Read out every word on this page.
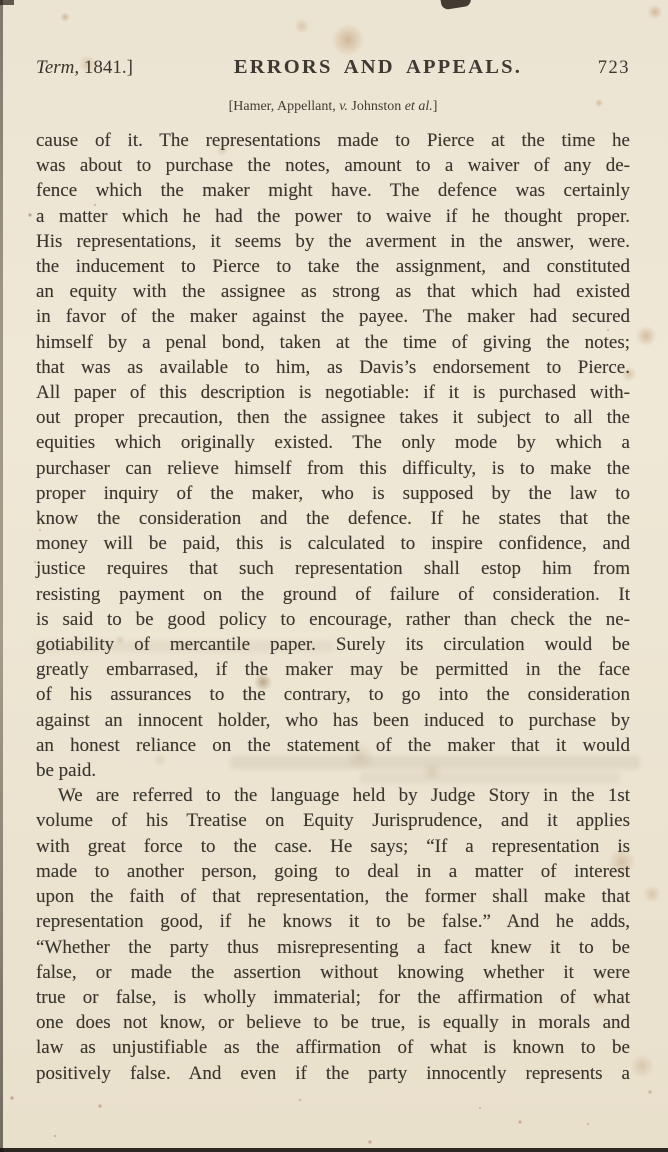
Term, 1841.]	ERRORS AND APPEALS.	723
[Hamer, Appellant, v. Johnston et al.]
cause of it. The representations made to Pierce at the time he
was about to purchase the notes, amount to a waiver of any de-
fence which the maker might have. The defence was certainly
a matter which he had the power to waive if he thought proper.
His representations, it seems by the averment in the answer, were.
the inducement to Pierce to take the assignment, and constituted
an equity with the assignee as strong as that which had existed
in favor of the maker against the payee. The maker had secured
himself by a penal bond, taken at the time of giving the notes;
that was as available to him, as Davis’s endorsement to Pierce.
All paper of this description is negotiable: if it is purchased with-
out proper precaution, then the assignee takes it subject to all the
equities which originally existed. The only mode by which a
purchaser can relieve himself from this difficulty, is to make the
proper inquiry of the maker, who is supposed by the law to
know the consideration and the defence. If he states that the
money will be paid, this is calculated to inspire confidence, and
justice requires that such representation shall estop him from
resisting payment on the ground of failure of consideration. It
is said to be good policy to encourage, rather than check the ne-
gotiability of mercantile paper. Surely its circulation would be
greatly embarrased, if the maker may be permitted in the face
of his assurances to the contrary, to go into the consideration
against an innocent holder, who has been induced to purchase by
an honest reliance on the statement of the maker that it would
be paid.
We are referred to the language held by Judge Story in the 1st
volume of his Treatise on Equity Jurisprudence, and it applies
with great force to the case. He says; “If a representation is
made to another person, going to deal in a matter of interest
upon the faith of that representation, the former shall make that
representation good, if he knows it to be false.” And he adds,
“Whether the party thus misrepresenting a fact knew it to be
false, or made the assertion without knowing whether it were
true or false, is wholly immaterial; for the affirmation of what
one does not know, or believe to be true, is equally in morals and
law as unjustifiable as the affirmation of what is known to be
positively false. And even if the party innocently represents a
